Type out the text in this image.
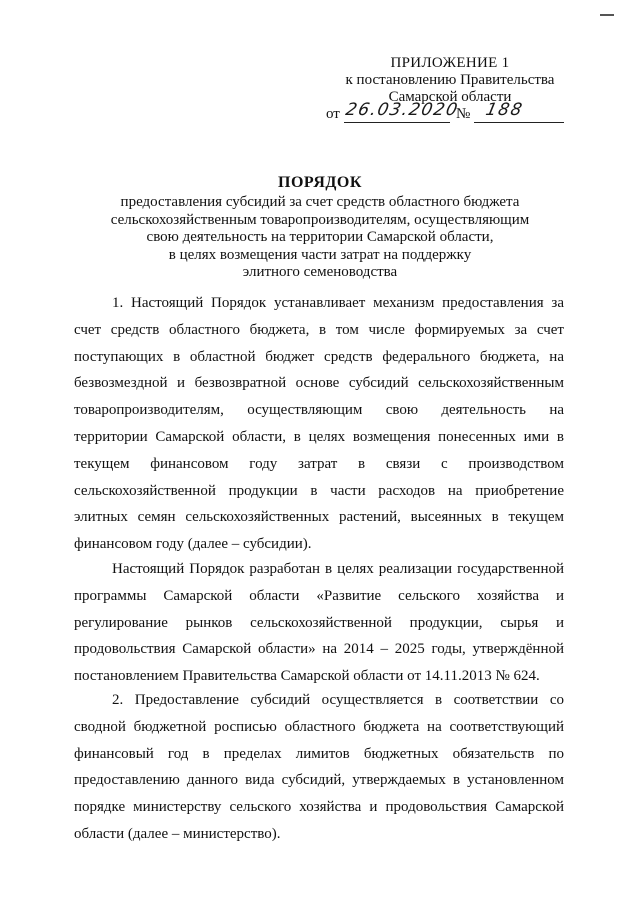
ПРИЛОЖЕНИЕ 1
к постановлению Правительства
Самарской области
от 26.03.2020
№ 188
ПОРЯДОК
предоставления субсидий за счет средств областного бюджета
сельскохозяйственным товаропроизводителям, осуществляющим
свою деятельность на территории Самарской области,
в целях возмещения части затрат на поддержку
элитного семеноводства
1. Настоящий Порядок устанавливает механизм предоставления за
счет средств областного бюджета, в том числе формируемых за счет
поступающих в областной бюджет средств федерального бюджета, на
безвозмездной и безвозвратной основе субсидий сельскохозяйственным
товаропроизводителям, осуществляющим свою деятельность на
территории Самарской области, в целях возмещения понесенных ими в
текущем финансовом году затрат в связи с производством
сельскохозяйственной продукции в части расходов на приобретение
элитных семян сельскохозяйственных растений, высеянных в текущем
финансовом году (далее – субсидии).
Настоящий Порядок разработан в целях реализации государственной
программы Самарской области «Развитие сельского хозяйства и
регулирование рынков сельскохозяйственной продукции, сырья и
продовольствия Самарской области» на 2014 – 2025 годы, утверждённой
постановлением Правительства Самарской области от 14.11.2013 № 624.
2. Предоставление субсидий осуществляется в соответствии со
сводной бюджетной росписью областного бюджета на соответствующий
финансовый год в пределах лимитов бюджетных обязательств по
предоставлению данного вида субсидий, утверждаемых в установленном
порядке министерству сельского хозяйства и продовольствия Самарской
области (далее – министерство).
